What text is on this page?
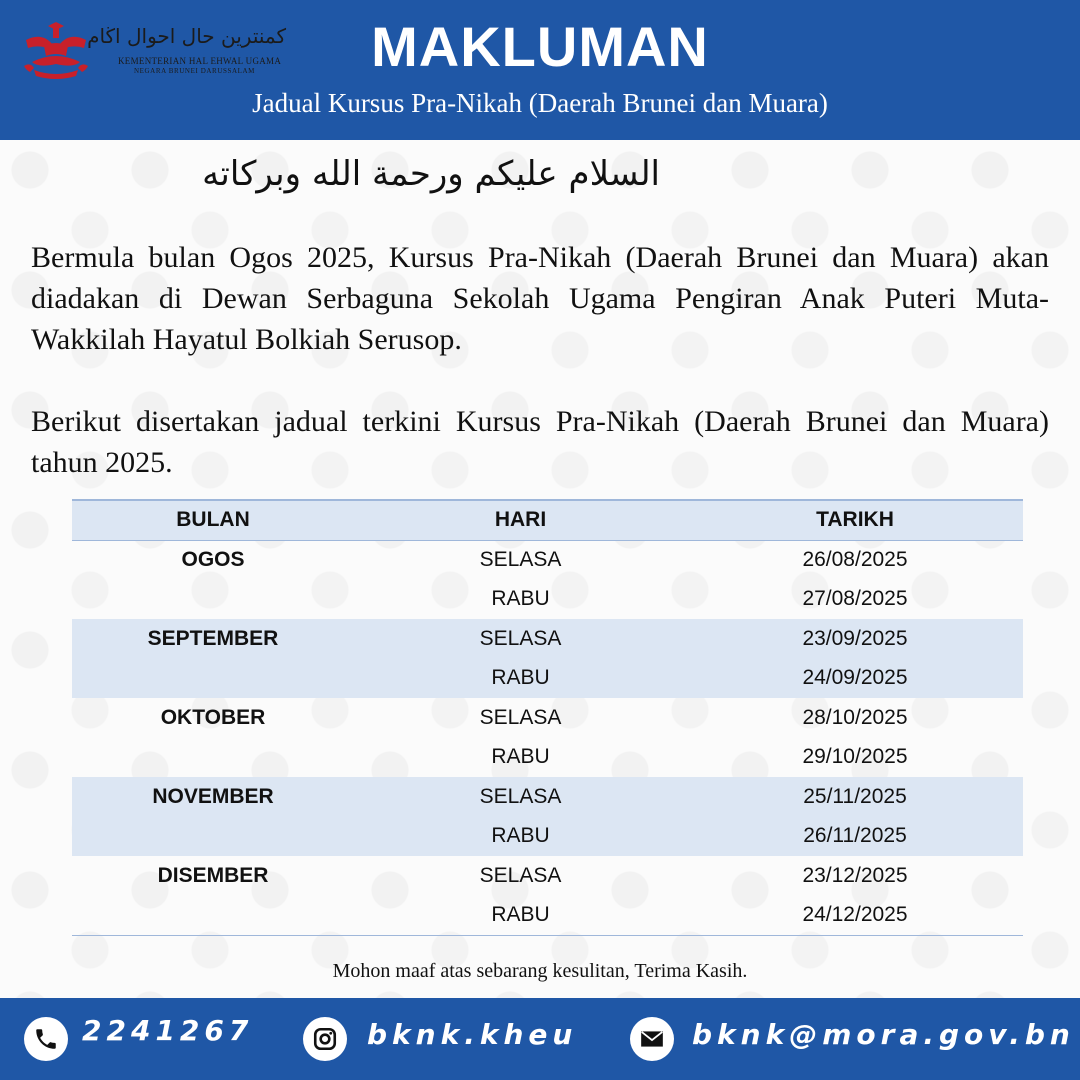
كمنترين حال احوال اڬام
KEMENTERIAN HAL EHWAL UGAMA
NEGARA BRUNEI DARUSSALAM	MAKLUMAN
Jadual Kursus Pra-Nikah (Daerah Brunei dan Muara)
السلام عليكم ورحمة الله وبركاته

Bermula bulan Ogos 2025, Kursus Pra-Nikah (Daerah Brunei dan Muara) akan diadakan di Dewan Serbaguna Sekolah Ugama Pengiran Anak Puteri Muta-Wakkilah Hayatul Bolkiah Serusop.

Berikut disertakan jadual terkini Kursus Pra-Nikah (Daerah Brunei dan Muara) tahun 2025.

BULAN	HARI	TARIKH
OGOS	SELASA	26/08/2025
	RABU	27/08/2025
SEPTEMBER	SELASA	23/09/2025
	RABU	24/09/2025
OKTOBER	SELASA	28/10/2025
	RABU	29/10/2025
NOVEMBER	SELASA	25/11/2025
	RABU	26/11/2025
DISEMBER	SELASA	23/12/2025
	RABU	24/12/2025
Mohon maaf atas sebarang kesulitan, Terima Kasih.
2241267	bknk.kheu	bknk@mora.gov.bn
